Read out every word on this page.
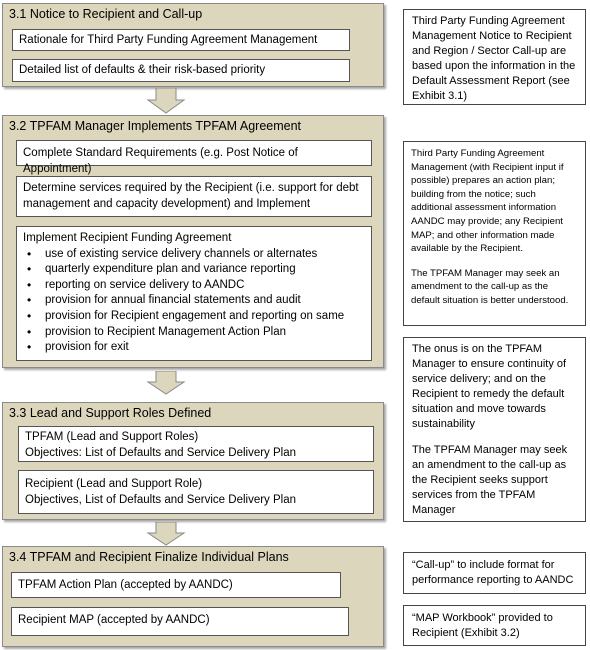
3.1 Notice to Recipient and Call-up
Rationale for Third Party Funding Agreement Management
Detailed list of defaults & their risk-based priority
3.2 TPFAM Manager Implements TPFAM Agreement
Complete Standard Requirements (e.g. Post Notice of Appointment)
Determine services required by the Recipient (i.e. support for debt management and capacity development) and Implement
Implement Recipient Funding Agreement
• use of existing service delivery channels or alternates
• quarterly expenditure plan and variance reporting
• reporting on service delivery to AANDC
• provision for annual financial statements and audit
• provision for Recipient engagement and reporting on same
• provision to Recipient Management Action Plan
• provision for exit
3.3 Lead and Support Roles Defined
TPFAM (Lead and Support Roles)
Objectives: List of Defaults and Service Delivery Plan
Recipient (Lead and Support Role)
Objectives, List of Defaults and Service Delivery Plan
3.4 TPFAM and Recipient Finalize Individual Plans
TPFAM Action Plan (accepted by AANDC)
Recipient MAP (accepted by AANDC)
Third Party Funding Agreement Management Notice to Recipient and Region / Sector Call-up are based upon the information in the Default Assessment Report (see Exhibit 3.1)

Third Party Funding Agreement Management (with Recipient input if possible) prepares an action plan; building from the notice; such additional assessment information AANDC may provide; any Recipient MAP; and other information made available by the Recipient.

The TPFAM Manager may seek an amendment to the call-up as the default situation is better understood.

The onus is on the TPFAM Manager to ensure continuity of service delivery; and on the Recipient to remedy the default situation and move towards sustainability

The TPFAM Manager may seek an amendment to the call-up as the Recipient seeks support services from the TPFAM Manager

“Call-up” to include format for performance reporting to AANDC
“MAP Workbook” provided to Recipient (Exhibit 3.2)
